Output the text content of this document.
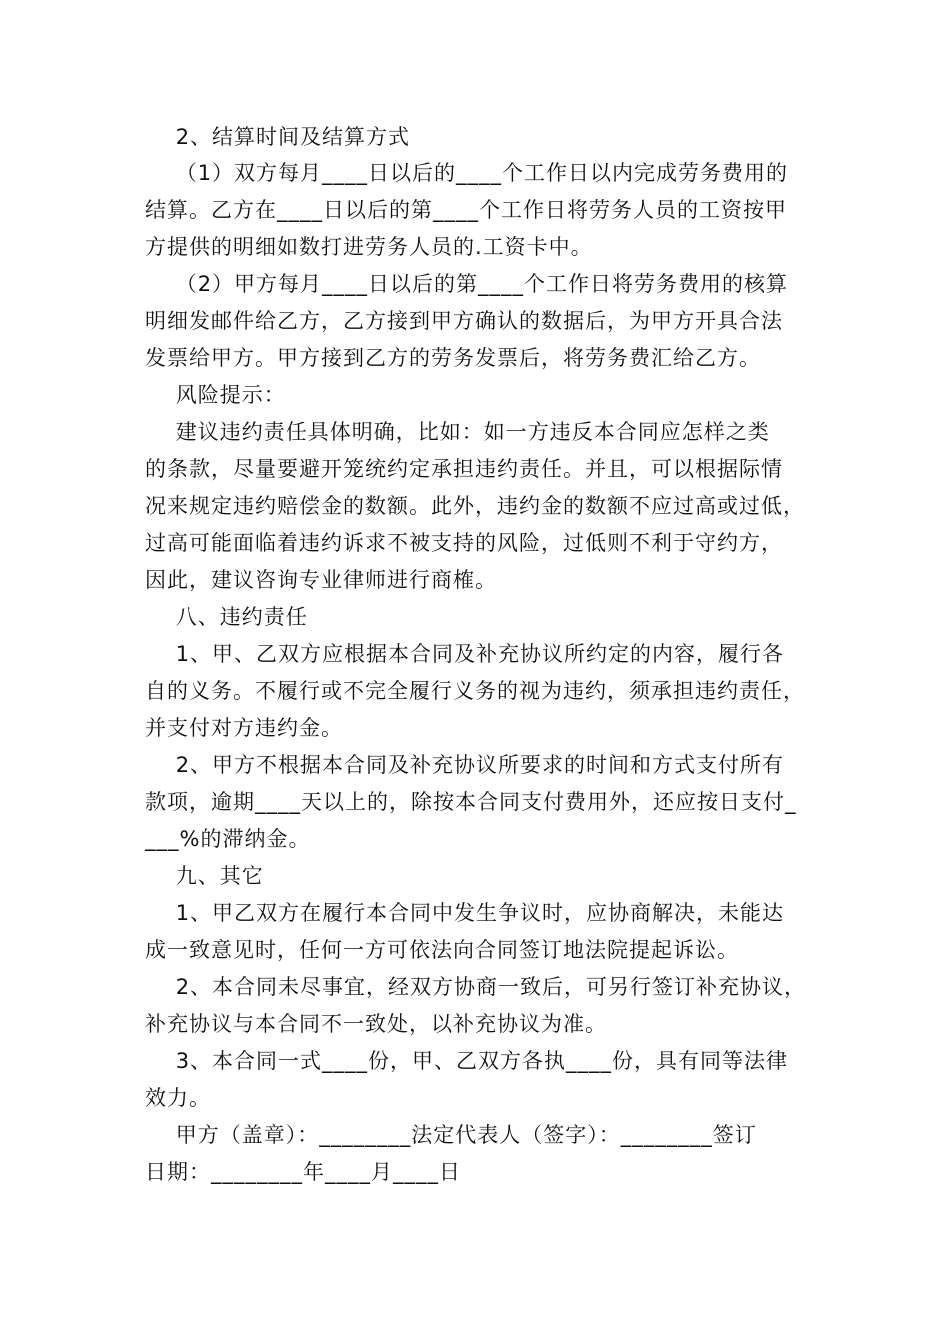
2、结算时间及结算方式
（1）双方每月____日以后的____个工作日以内完成劳务费用的
结算。乙方在____日以后的第____个工作日将劳务人员的工资按甲
方提供的明细如数打进劳务人员的.工资卡中。
（2）甲方每月____日以后的第____个工作日将劳务费用的核算
明细发邮件给乙方，乙方接到甲方确认的数据后，为甲方开具合法
发票给甲方。甲方接到乙方的劳务发票后，将劳务费汇给乙方。
风险提示：
建议违约责任具体明确，比如：如一方违反本合同应怎样之类
的条款，尽量要避开笼统约定承担违约责任。并且，可以根据际情
况来规定违约赔偿金的数额。此外，违约金的数额不应过高或过低，
过高可能面临着违约诉求不被支持的风险，过低则不利于守约方，
因此，建议咨询专业律师进行商榷。
八、违约责任
1、甲、乙双方应根据本合同及补充协议所约定的内容，履行各
自的义务。不履行或不完全履行义务的视为违约，须承担违约责任，
并支付对方违约金。
2、甲方不根据本合同及补充协议所要求的时间和方式支付所有
款项，逾期____天以上的，除按本合同支付费用外，还应按日支付_
___%的滞纳金。
九、其它
1、甲乙双方在履行本合同中发生争议时，应协商解决，未能达
成一致意见时，任何一方可依法向合同签订地法院提起诉讼。
2、本合同未尽事宜，经双方协商一致后，可另行签订补充协议，
补充协议与本合同不一致处，以补充协议为准。
3、本合同一式____份，甲、乙双方各执____份，具有同等法律
效力。
甲方（盖章）：________法定代表人（签字）：________签订
日期：________年____月____日
